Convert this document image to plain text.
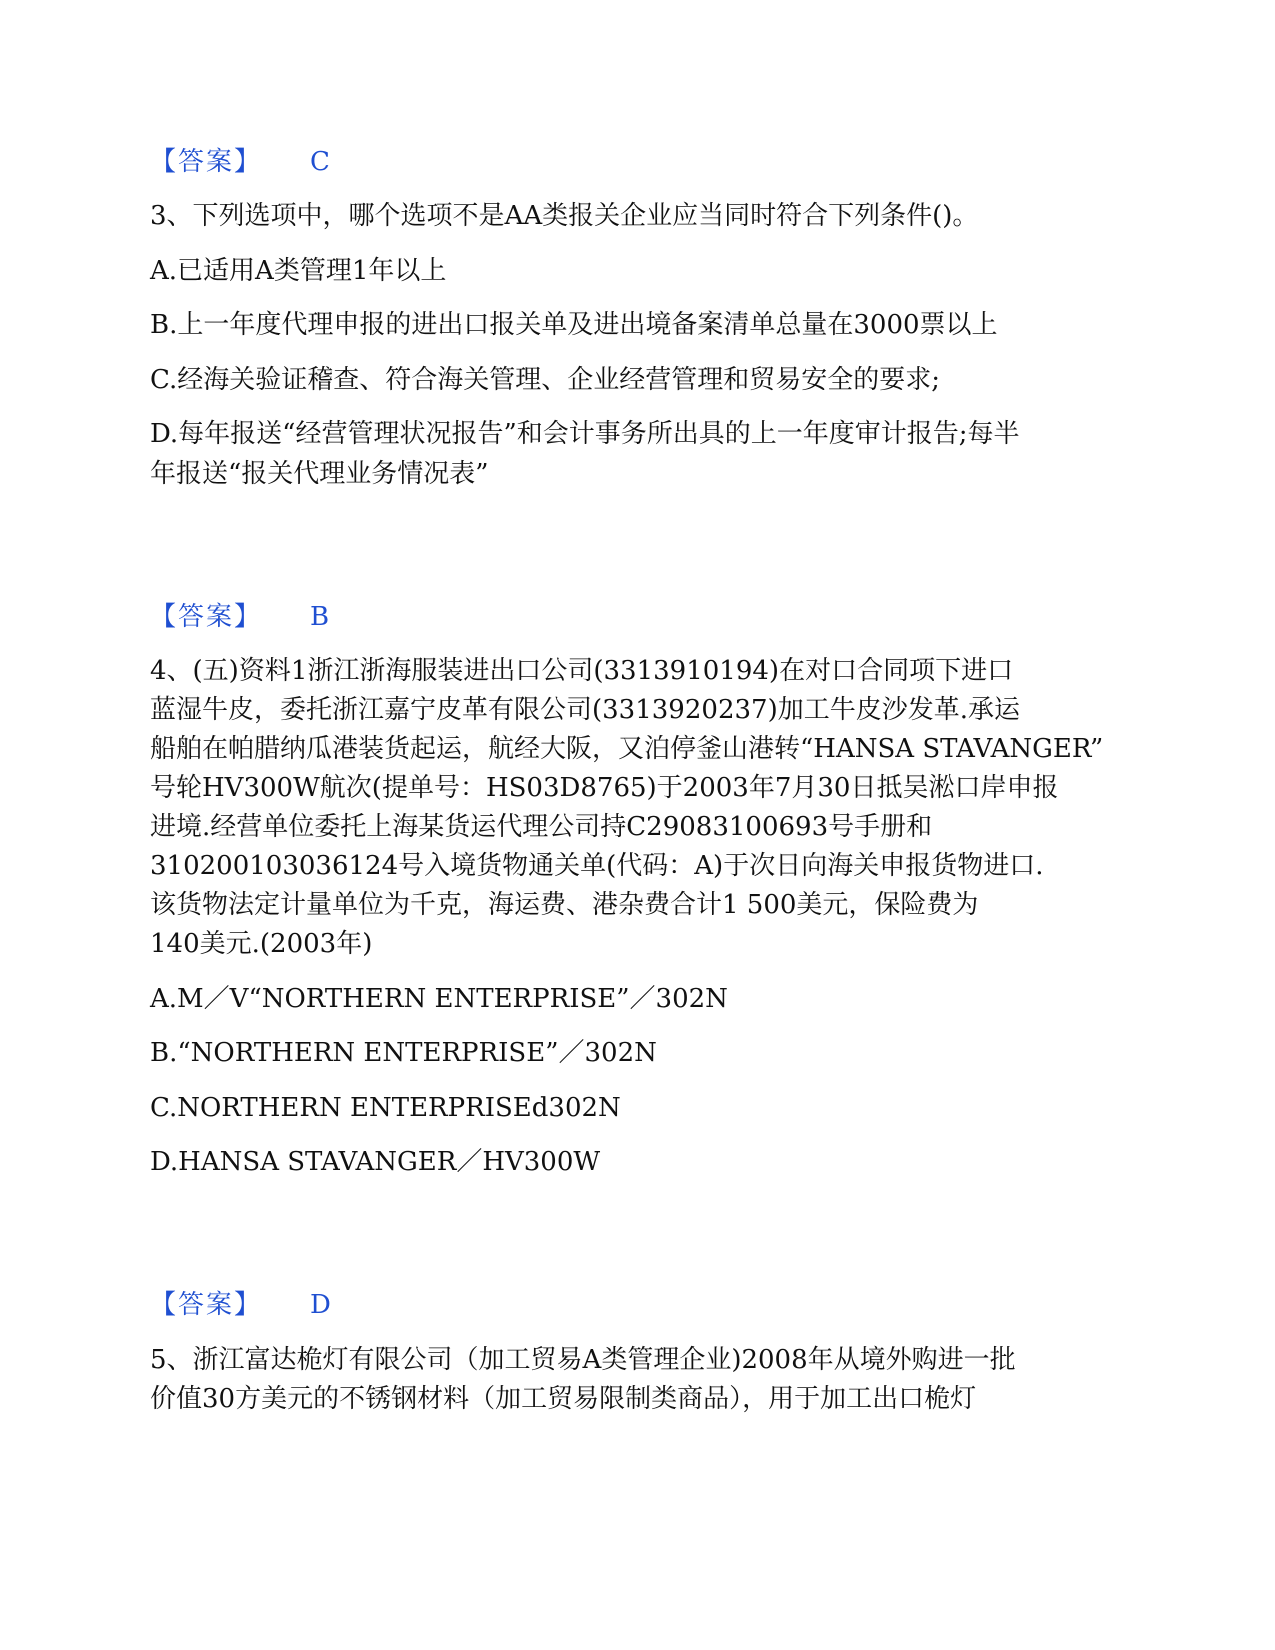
【答案】 C
3、下列选项中，哪个选项不是AA类报关企业应当同时符合下列条件()。
A.已适用A类管理1年以上
B.上一年度代理申报的进出口报关单及进出境备案清单总量在3000票以上
C.经海关验证稽查、符合海关管理、企业经营管理和贸易安全的要求;
D.每年报送“经营管理状况报告”和会计事务所出具的上一年度审计报告;每半
年报送“报关代理业务情况表”
【答案】 B
4、(五)资料1浙江浙海服装进出口公司(3313910194)在对口合同项下进口
蓝湿牛皮，委托浙江嘉宁皮革有限公司(3313920237)加工牛皮沙发革.承运
船舶在帕腊纳瓜港装货起运，航经大阪，又泊停釜山港转“HANSA STAVANGER”
号轮HV300W航次(提单号：HS03D8765)于2003年7月30日抵吴淞口岸申报
进境.经营单位委托上海某货运代理公司持C29083100693号手册和
310200103036124号入境货物通关单(代码：A)于次日向海关申报货物进口.
该货物法定计量单位为千克，海运费、港杂费合计1 500美元，保险费为
140美元.(2003年)
A.M／V“NORTHERN ENTERPRISE”／302N
B.“NORTHERN ENTERPRISE”／302N
C.NORTHERN ENTERPRISEd302N
D.HANSA STAVANGER／HV300W
【答案】 D
5、浙江富达桅灯有限公司（加工贸易A类管理企业)2008年从境外购进一批
价值30方美元的不锈钢材料（加工贸易限制类商品），用于加工出口桅灯
